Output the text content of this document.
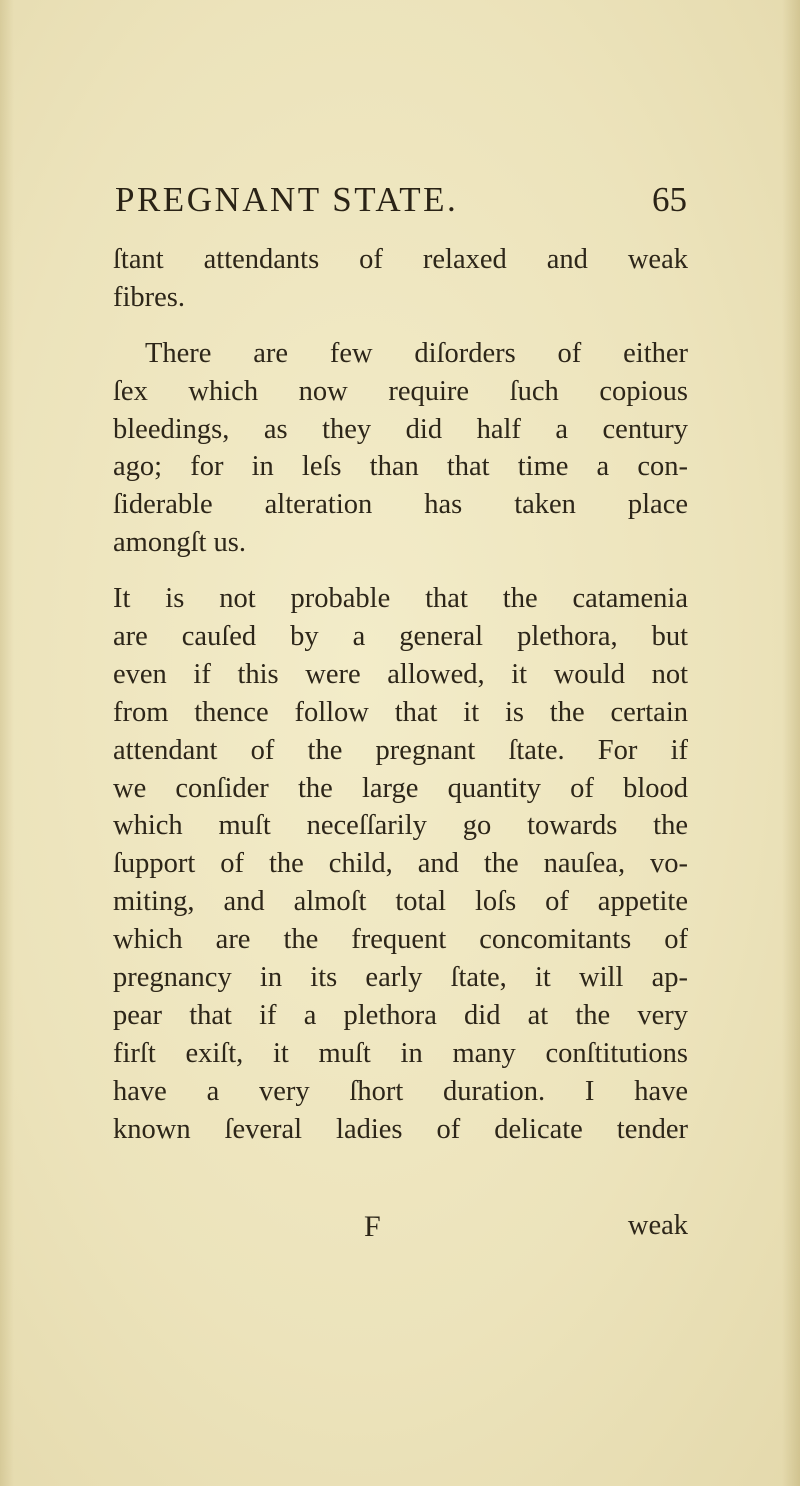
PREGNANT STATE.	65
ſtant attendants of relaxed and weak
fibres.
There are few diſorders of either
ſex which now require ſuch copious
bleedings, as they did half a century
ago; for in leſs than that time a con-
ſiderable alteration has taken place
amongſt us.
It is not probable that the catamenia
are cauſed by a general plethora, but
even if this were allowed, it would not
from thence follow that it is the certain
attendant of the pregnant ſtate. For if
we conſider the large quantity of blood
which muſt neceſſarily go towards the
ſupport of the child, and the nauſea, vo-
miting, and almoſt total loſs of appetite
which are the frequent concomitants of
pregnancy in its early ſtate, it will ap-
pear that if a plethora did at the very
firſt exiſt, it muſt in many conſtitutions
have a very ſhort duration. I have
known ſeveral ladies of delicate tender
F	weak
